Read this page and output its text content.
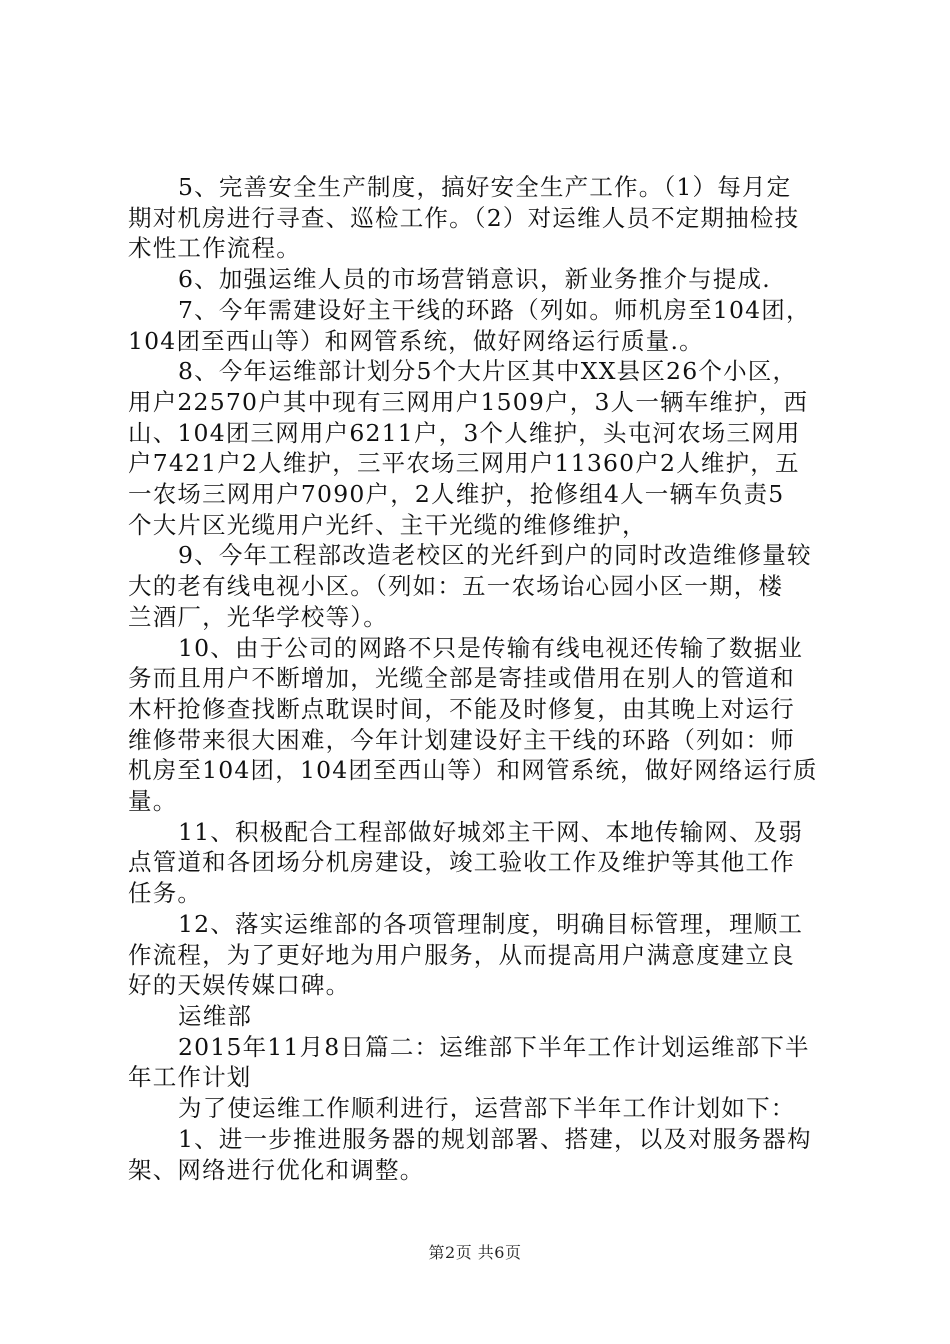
5、完善安全生产制度，搞好安全生产工作。（1）每月定
期对机房进行寻查、巡检工作。（2）对运维人员不定期抽检技
术性工作流程。
6、加强运维人员的市场营销意识，新业务推介与提成.
7、今年需建设好主干线的环路（列如。师机房至104团，
104团至西山等）和网管系统，做好网络运行质量.。
8、今年运维部计划分5个大片区其中XX县区26个小区，
用户22570户其中现有三网用户1509户，3人一辆车维护，西
山、104团三网用户6211户，3个人维护，头屯河农场三网用
户7421户2人维护，三平农场三网用户11360户2人维护，五
一农场三网用户7090户，2人维护，抢修组4人一辆车负责5
个大片区光缆用户光纤、主干光缆的维修维护，
9、今年工程部改造老校区的光纤到户的同时改造维修量较
大的老有线电视小区。（列如：五一农场诒心园小区一期，楼
兰酒厂，光华学校等）。
10、由于公司的网路不只是传输有线电视还传输了数据业
务而且用户不断增加，光缆全部是寄挂或借用在别人的管道和
木杆抢修查找断点耽误时间，不能及时修复，由其晚上对运行
维修带来很大困难，今年计划建设好主干线的环路（列如：师
机房至104团，104团至西山等）和网管系统，做好网络运行质
量。
11、积极配合工程部做好城郊主干网、本地传输网、及弱
点管道和各团场分机房建设，竣工验收工作及维护等其他工作
任务。
12、落实运维部的各项管理制度，明确目标管理，理顺工
作流程，为了更好地为用户服务，从而提高用户满意度建立良
好的天娱传媒口碑。
运维部
2015年11月8日篇二：运维部下半年工作计划运维部下半
年工作计划
为了使运维工作顺利进行，运营部下半年工作计划如下：
1、进一步推进服务器的规划部署、搭建，以及对服务器构
架、网络进行优化和调整。
第2页 共6页
